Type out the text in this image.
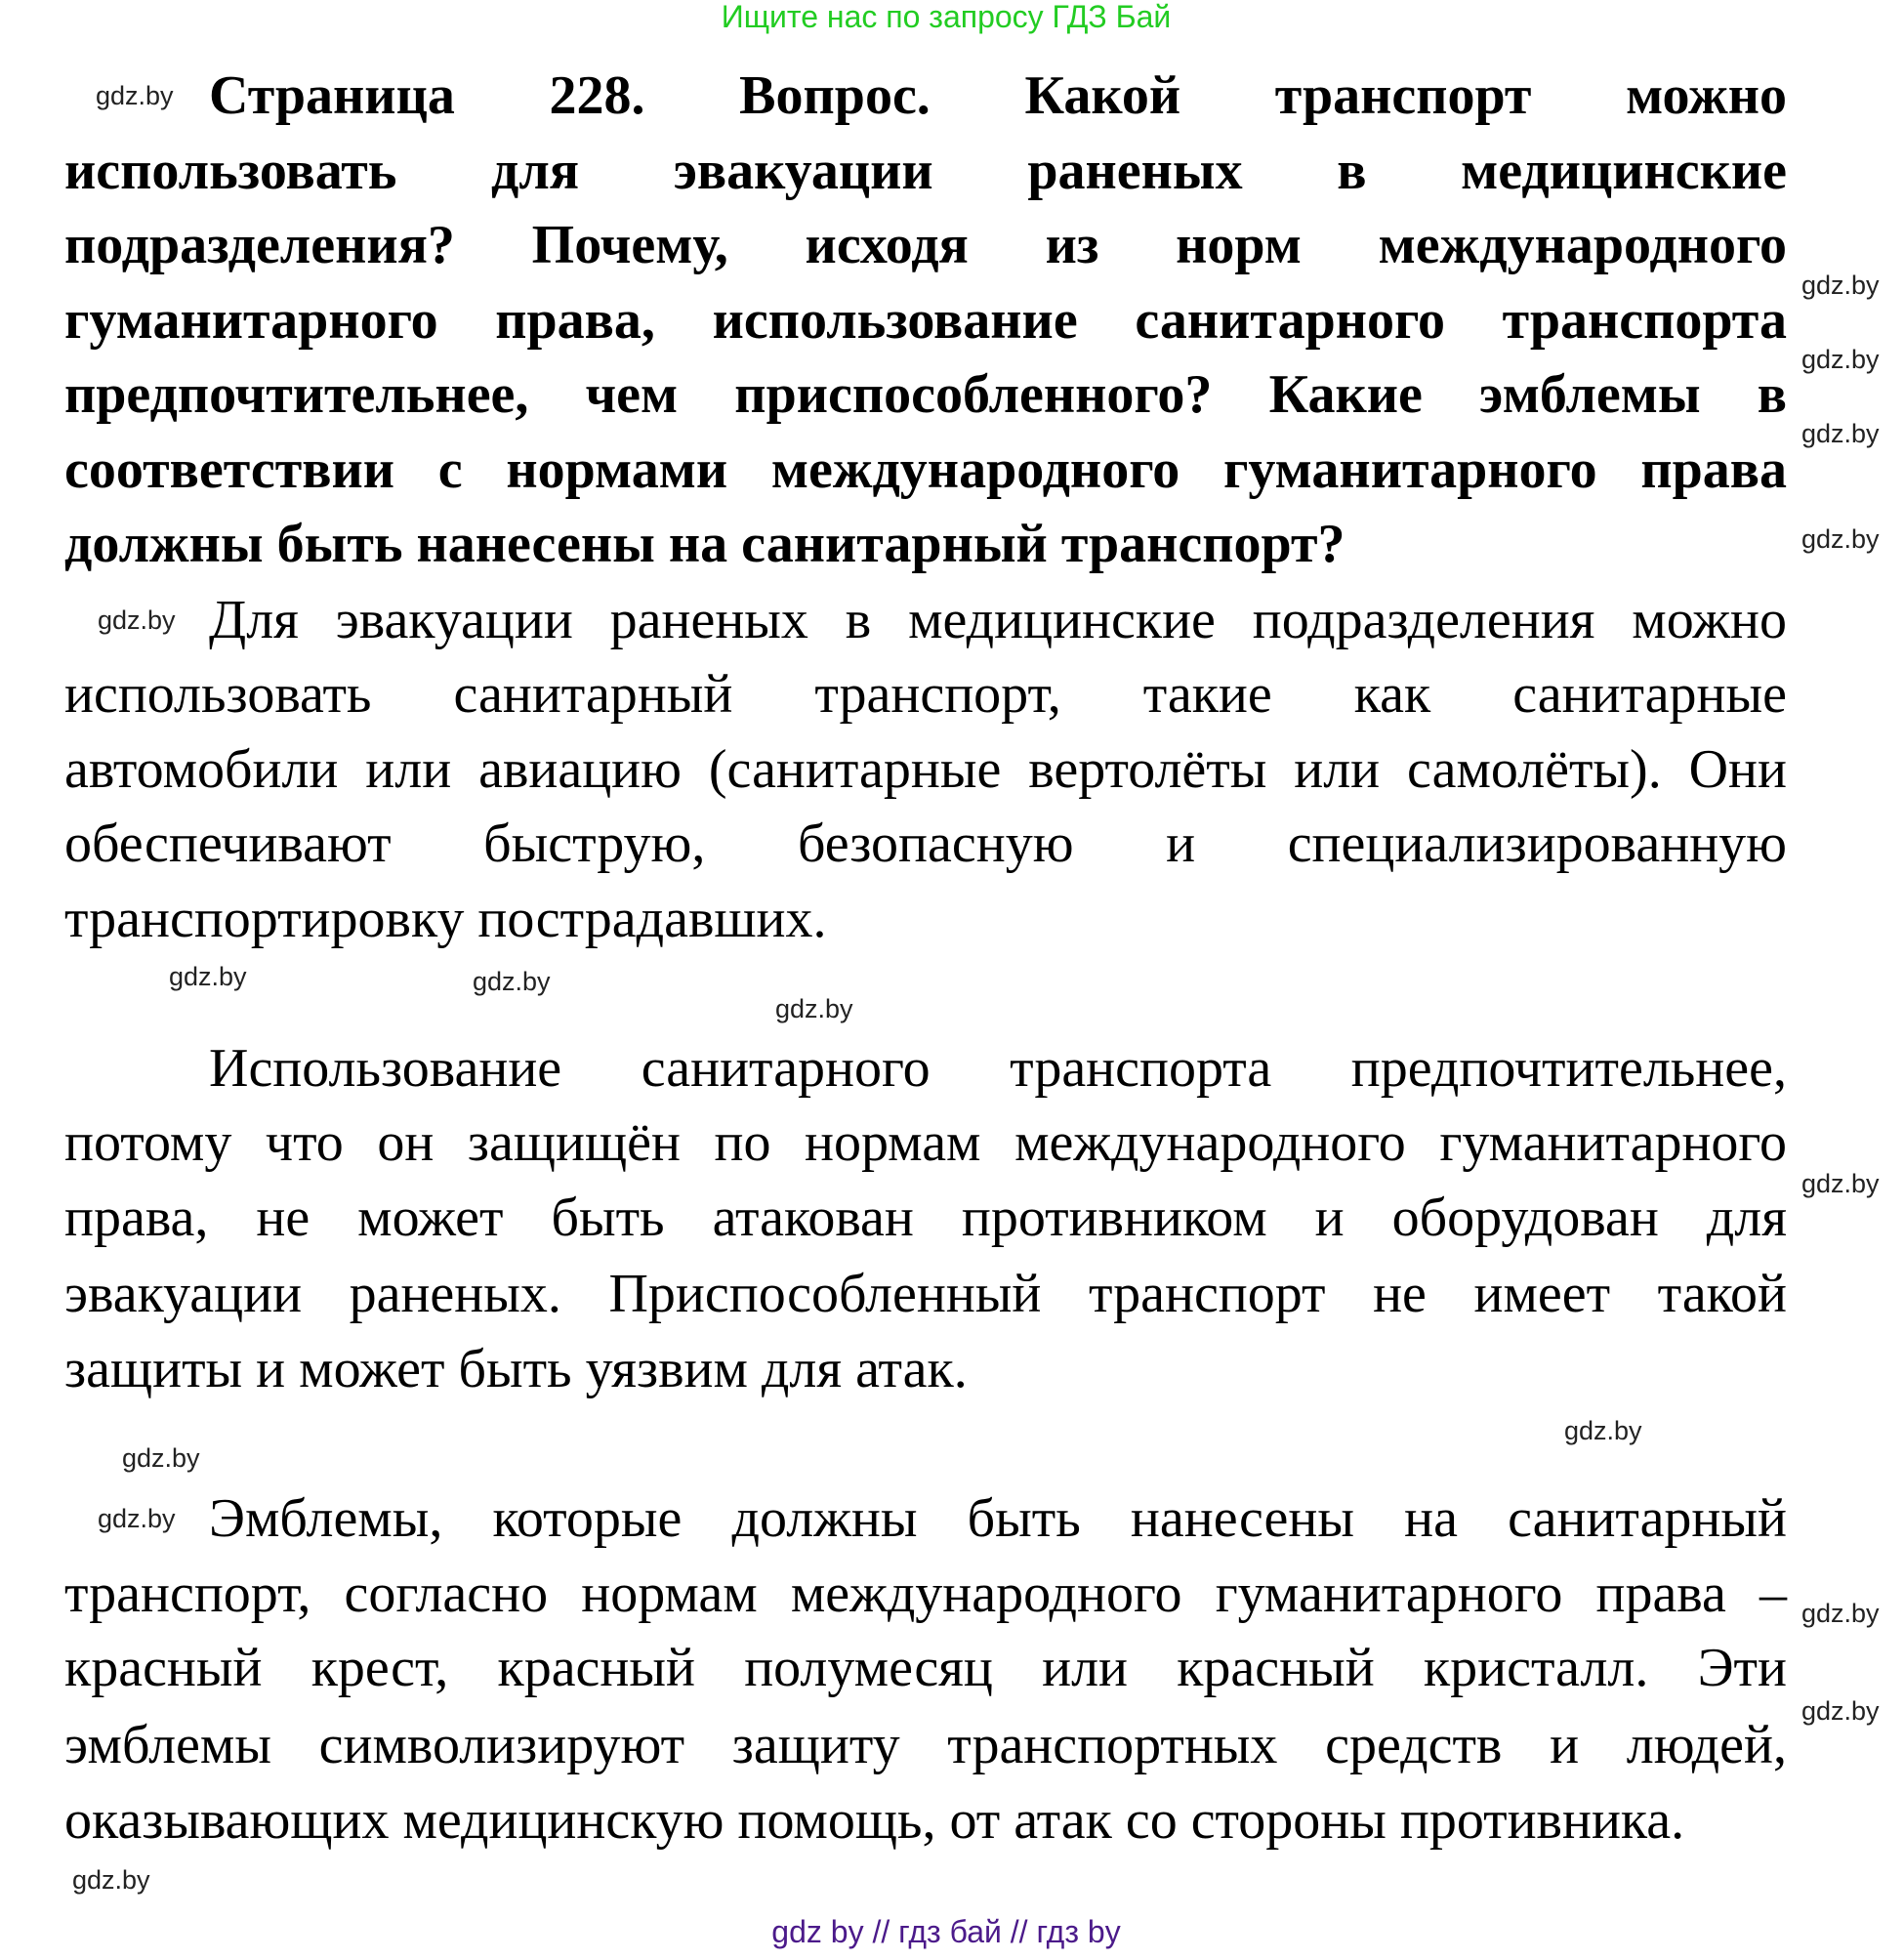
Ищите нас по запросу ГДЗ Бай
Страница 228. Вопрос. Какой транспорт можно
использовать для эвакуации раненых в медицинские
подразделения? Почему, исходя из норм международного
гуманитарного права, использование санитарного транспорта
предпочтительнее, чем приспособленного? Какие эмблемы в
соответствии с нормами международного гуманитарного права
должны быть нанесены на санитарный транспорт?
Для эвакуации раненых в медицинские подразделения можно
использовать санитарный транспорт, такие как санитарные
автомобили или авиацию (санитарные вертолёты или самолёты). Они
обеспечивают быструю, безопасную и специализированную
транспортировку пострадавших.
Использование санитарного транспорта предпочтительнее,
потому что он защищён по нормам международного гуманитарного
права, не может быть атакован противником и оборудован для
эвакуации раненых. Приспособленный транспорт не имеет такой
защиты и может быть уязвим для атак.
Эмблемы, которые должны быть нанесены на санитарный
транспорт, согласно нормам международного гуманитарного права –
красный крест, красный полумесяц или красный кристалл. Эти
эмблемы символизируют защиту транспортных средств и людей,
оказывающих медицинскую помощь, от атак со стороны противника.
gdz.by
gdz.by
gdz.by
gdz.by
gdz.by
gdz.by
gdz.by
gdz.by
gdz.by
gdz.by
gdz.by
gdz.by
gdz.by
gdz.by
gdz.by
gdz.by
gdz by // гдз бай // гдз by
